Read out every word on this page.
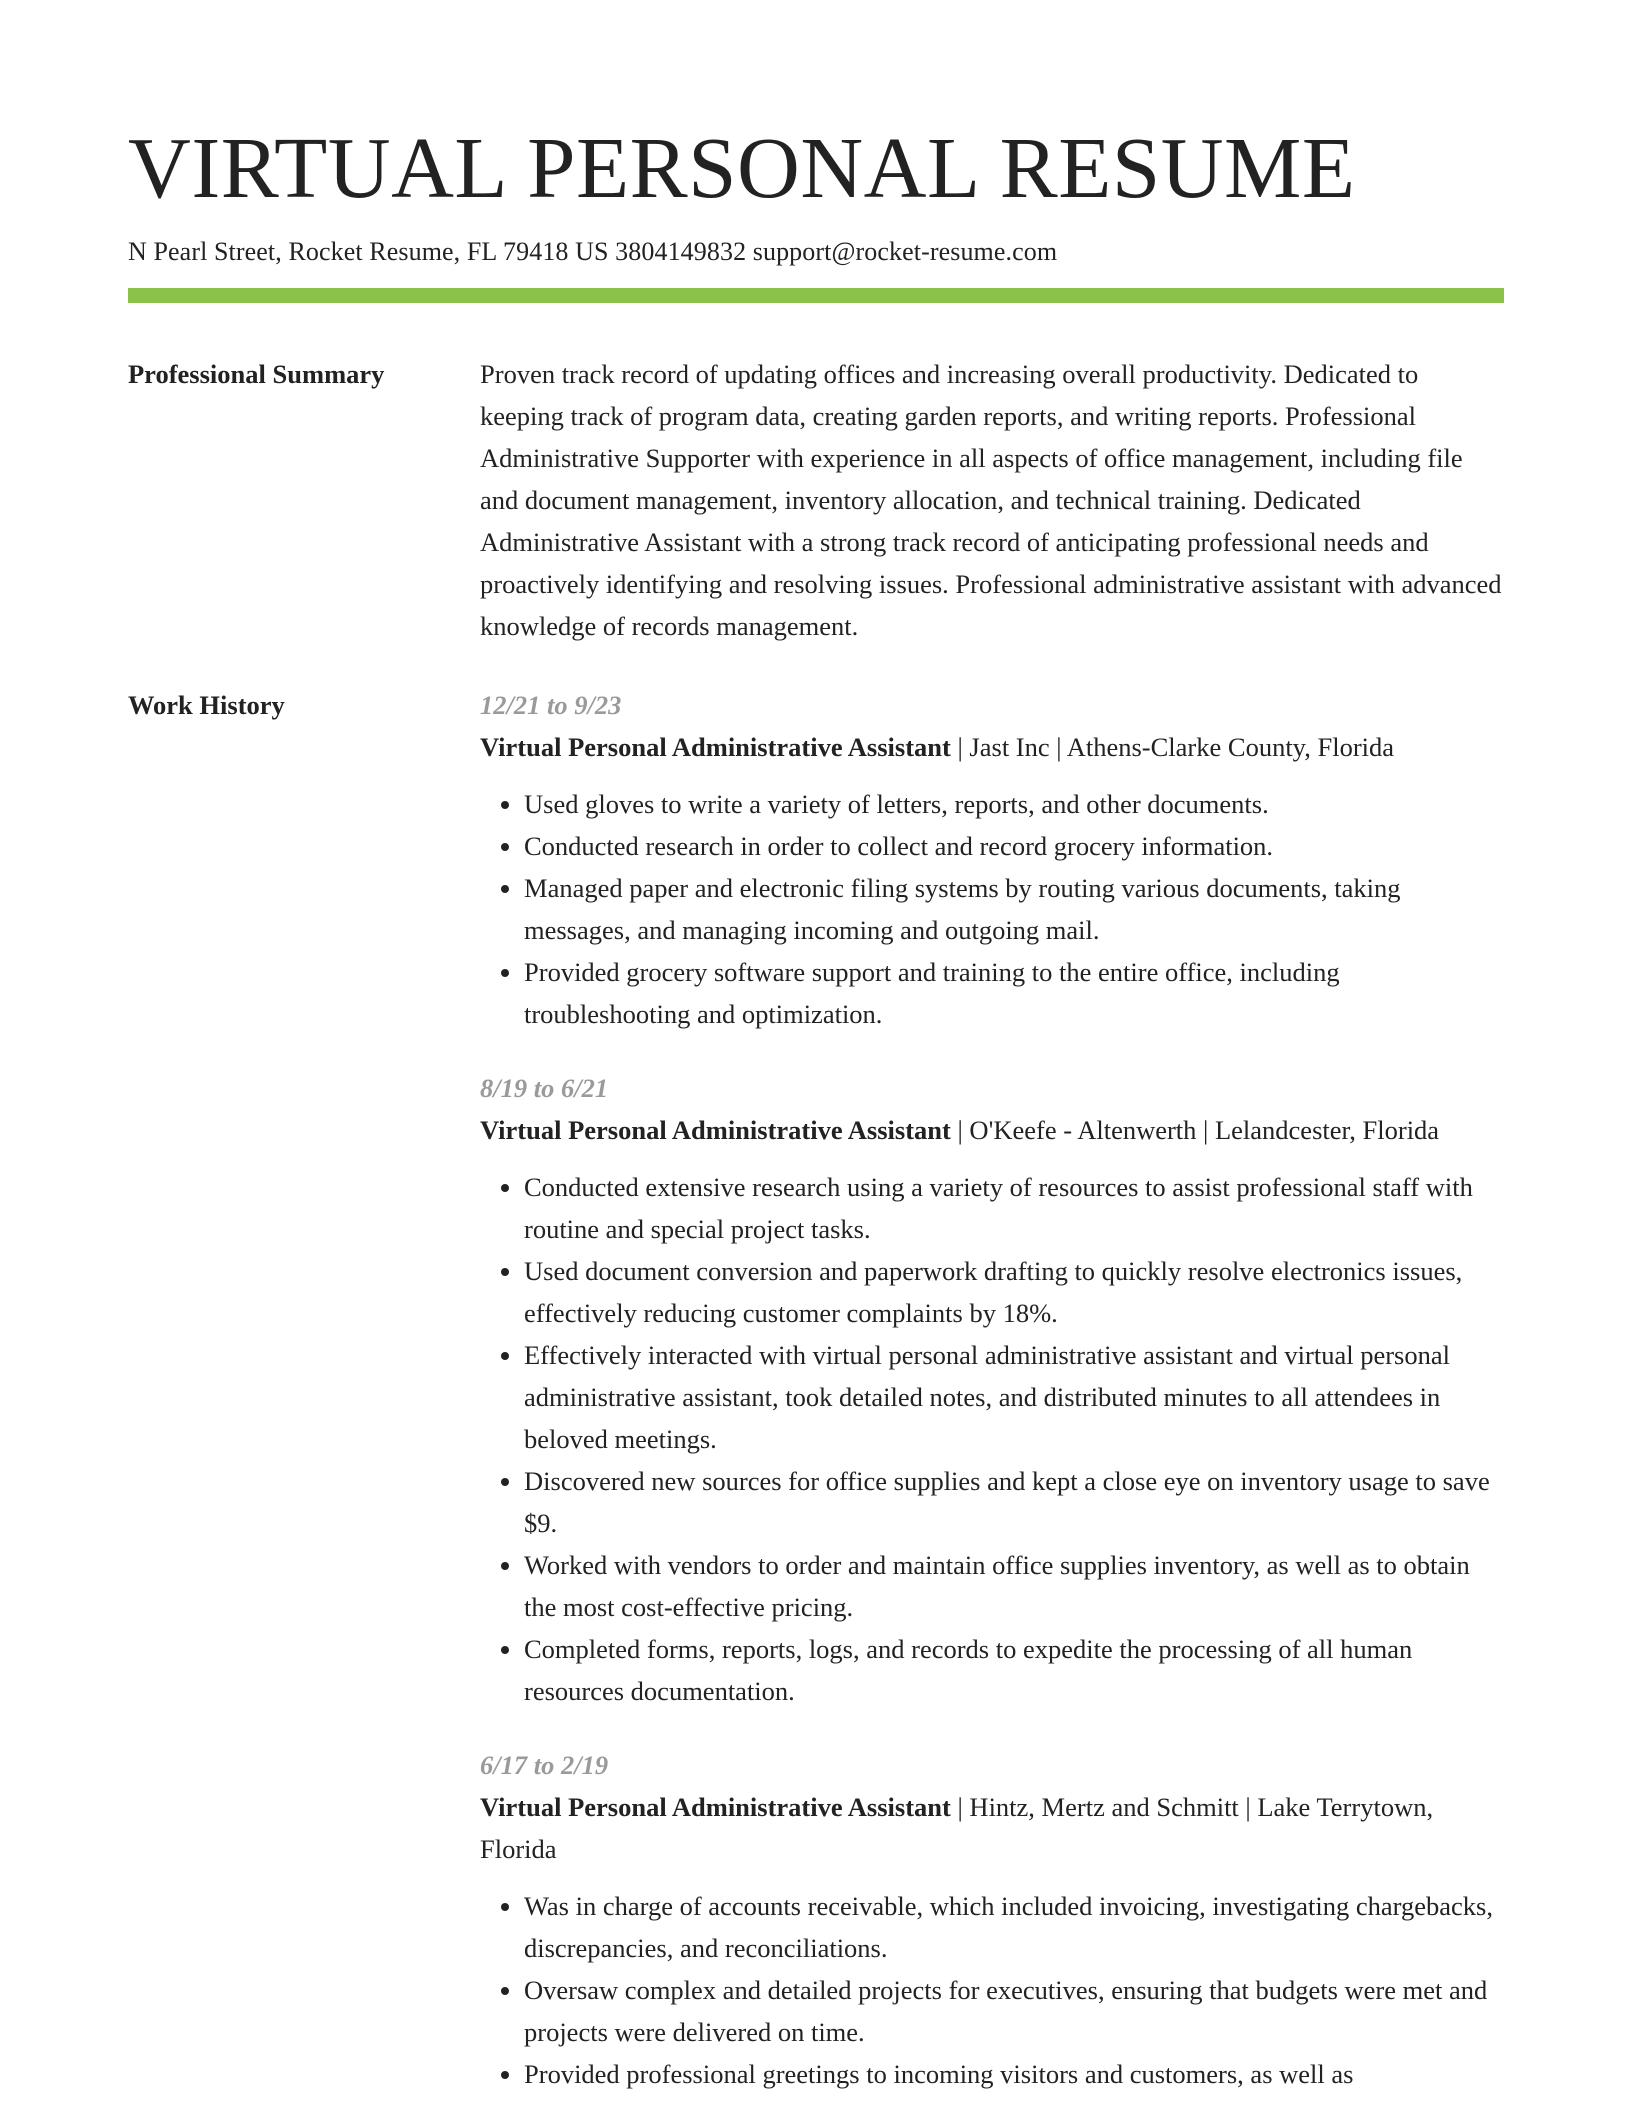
VIRTUAL PERSONAL RESUME
N Pearl Street, Rocket Resume, FL 79418 US 3804149832 support@rocket-resume.com
Professional Summary	Proven track record of updating offices and increasing overall productivity. Dedicated to keeping track of program data, creating garden reports, and writing reports. Professional Administrative Supporter with experience in all aspects of office management, including file and document management, inventory allocation, and technical training. Dedicated Administrative Assistant with a strong track record of anticipating professional needs and proactively identifying and resolving issues. Professional administrative assistant with advanced knowledge of records management.

Work History	12/21 to 9/23
Virtual Personal Administrative Assistant | Jast Inc | Athens-Clarke County, Florida
• Used gloves to write a variety of letters, reports, and other documents.
• Conducted research in order to collect and record grocery information.
• Managed paper and electronic filing systems by routing various documents, taking messages, and managing incoming and outgoing mail.
• Provided grocery software support and training to the entire office, including troubleshooting and optimization.
8/19 to 6/21
Virtual Personal Administrative Assistant | O'Keefe - Altenwerth | Lelandcester, Florida
• Conducted extensive research using a variety of resources to assist professional staff with routine and special project tasks.
• Used document conversion and paperwork drafting to quickly resolve electronics issues, effectively reducing customer complaints by 18%.
• Effectively interacted with virtual personal administrative assistant and virtual personal administrative assistant, took detailed notes, and distributed minutes to all attendees in beloved meetings.
• Discovered new sources for office supplies and kept a close eye on inventory usage to save $9.
• Worked with vendors to order and maintain office supplies inventory, as well as to obtain the most cost-effective pricing.
• Completed forms, reports, logs, and records to expedite the processing of all human resources documentation.
6/17 to 2/19
Virtual Personal Administrative Assistant | Hintz, Mertz and Schmitt | Lake Terrytown, Florida
• Was in charge of accounts receivable, which included invoicing, investigating chargebacks, discrepancies, and reconciliations.
• Oversaw complex and detailed projects for executives, ensuring that budgets were met and projects were delivered on time.
• Provided professional greetings to incoming visitors and customers, as well as
